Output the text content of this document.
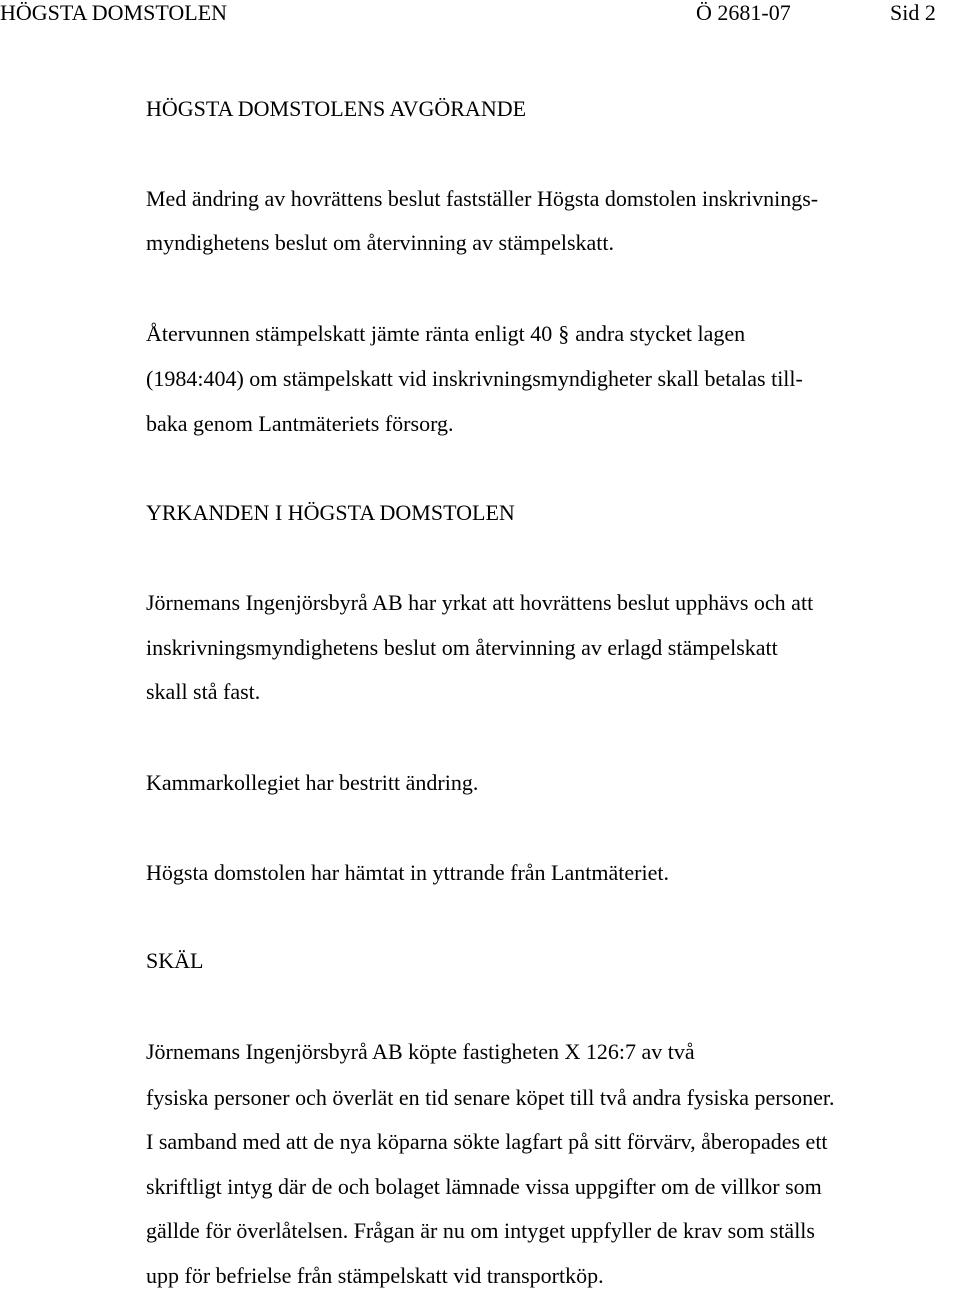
HÖGSTA DOMSTOLEN	Ö 2681-07	Sid 2
HÖGSTA DOMSTOLENS AVGÖRANDE
Med ändring av hovrättens beslut fastställer Högsta domstolen inskrivnings-
myndighetens beslut om återvinning av stämpelskatt.
Återvunnen stämpelskatt jämte ränta enligt 40 § andra stycket lagen
(1984:404) om stämpelskatt vid inskrivningsmyndigheter skall betalas till-
baka genom Lantmäteriets försorg.
YRKANDEN I HÖGSTA DOMSTOLEN
Jörnemans Ingenjörsbyrå AB har yrkat att hovrättens beslut upphävs och att
inskrivningsmyndighetens beslut om återvinning av erlagd stämpelskatt
skall stå fast.
Kammarkollegiet har bestritt ändring.
Högsta domstolen har hämtat in yttrande från Lantmäteriet.
SKÄL
Jörnemans Ingenjörsbyrå AB köpte fastigheten X 126:7 av två
fysiska personer och överlät en tid senare köpet till två andra fysiska personer.
I samband med att de nya köparna sökte lagfart på sitt förvärv, åberopades ett
skriftligt intyg där de och bolaget lämnade vissa uppgifter om de villkor som
gällde för överlåtelsen. Frågan är nu om intyget uppfyller de krav som ställs
upp för befrielse från stämpelskatt vid transportköp.
